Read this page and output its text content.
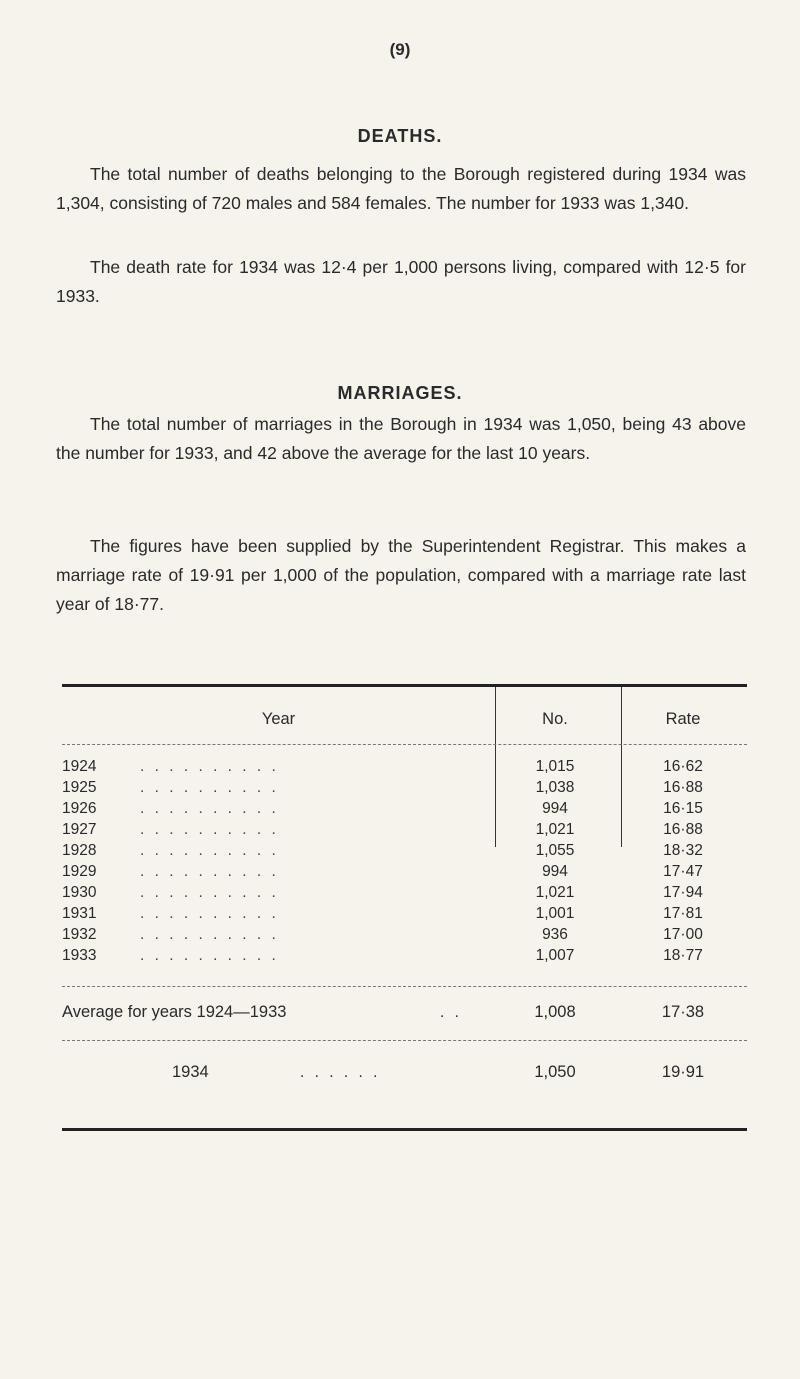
(9)
DEATHS.

The total number of deaths belonging to the Borough registered during 1934 was 1,304, consisting of 720 males and 584 females. The number for 1933 was 1,340.

The death rate for 1934 was 12·4 per 1,000 persons living, compared with 12·5 for 1933.

MARRIAGES.

The total number of marriages in the Borough in 1934 was 1,050, being 43 above the number for 1933, and 42 above the average for the last 10 years.

The figures have been supplied by the Superintendent Registrar. This makes a marriage rate of 19·91 per 1,000 of the population, compared with a marriage rate last year of 18·77.

Year	No.	Rate
1924	. . . . . . . . . .	1,015	16·62
1925	. . . . . . . . . .	1,038	16·88
1926	. . . . . . . . . .	994	16·15
1927	. . . . . . . . . .	1,021	16·88
1928	. . . . . . . . . .	1,055	18·32
1929	. . . . . . . . . .	994	17·47
1930	. . . . . . . . . .	1,021	17·94
1931	. . . . . . . . . .	1,001	17·81
1932	. . . . . . . . . .	936	17·00
1933	. . . . . . . . . .	1,007	18·77
Average for years 1924—1933	. .	1,008	17·38
1934	. . . . . .	1,050	19·91
